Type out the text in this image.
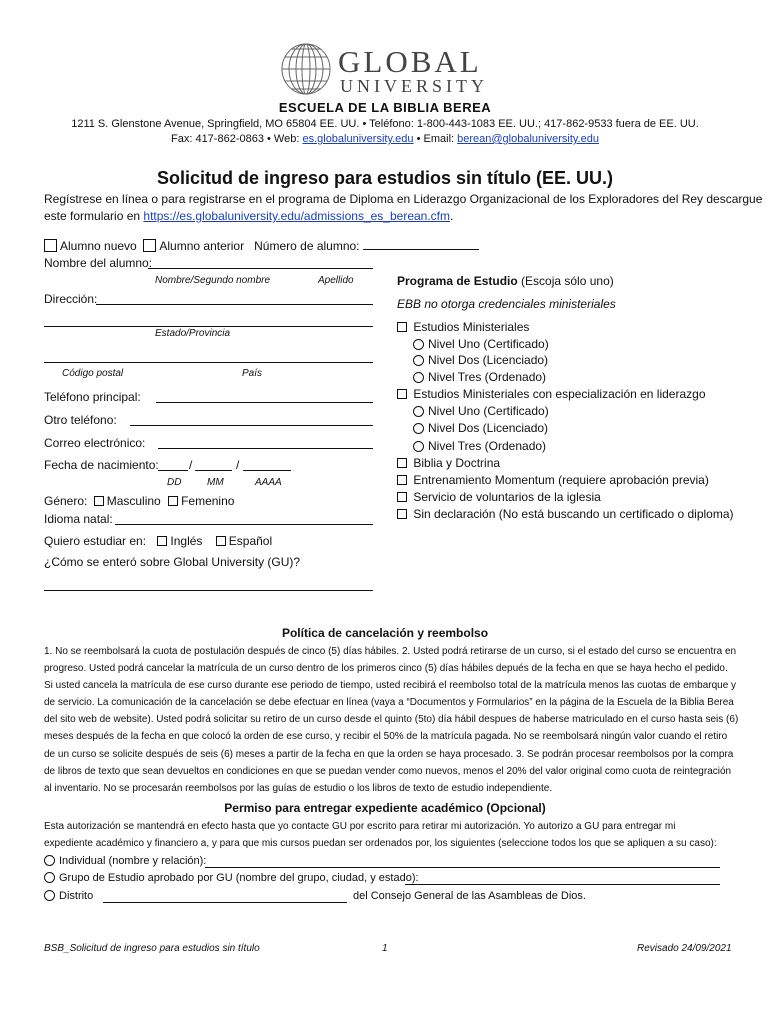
GLOBAL
UNIVERSITY
ESCUELA DE LA BIBLIA BEREA
1211 S. Glenstone Avenue, Springfield, MO 65804 EE. UU. • Teléfono: 1-800-443-1083 EE. UU.; 417-862-9533 fuera de EE. UU.
Fax: 417-862-0863 • Web: es.globaluniversity.edu • Email: berean@globaluniversity.edu
Solicitud de ingreso para estudios sin título (EE. UU.)
Regístrese en línea o para registrarse en el programa de Diploma en Liderazgo Organizacional de los Exploradores del Rey descargue
este formulario en https://es.globaluniversity.edu/admissions_es_berean.cfm.
Alumno nuevo Alumno anterior Número de alumno:
Nombre del alumno:
Nombre/Segundo nombre	Apellido
Dirección:
Estado/Provincia
Código postal	País
Teléfono principal:
Otro teléfono:
Correo electrónico:
Fecha de nacimiento:	/	/
DD	MM	AAAA
Género: Masculino Femenino
Idioma natal:
Quiero estudiar en: Inglés Español
¿Cómo se enteró sobre Global University (GU)?
Programa de Estudio (Escoja sólo uno)
EBB no otorga credenciales ministeriales
Estudios Ministeriales
Nivel Uno (Certificado)
Nivel Dos (Licenciado)
Nivel Tres (Ordenado)
Estudios Ministeriales con especialización en liderazgo
Nivel Uno (Certificado)
Nivel Dos (Licenciado)
Nivel Tres (Ordenado)
Biblia y Doctrina
Entrenamiento Momentum (requiere aprobación previa)
Servicio de voluntarios de la iglesia
Sin declaración (No está buscando un certificado o diploma)
Política de cancelación y reembolso
1. No se reembolsará la cuota de postulación después de cinco (5) días hábiles. 2. Usted podrá retirarse de un curso, si el estado del curso se encuentra en
progreso. Usted podrá cancelar la matrícula de un curso dentro de los primeros cinco (5) días hábiles depués de la fecha en que se haya hecho el pedido.
Si usted cancela la matrícula de ese curso durante ese periodo de tiempo, usted recibirá el reembolso total de la matrícula menos las cuotas de embarque y
de servicio. La comunicación de la cancelación se debe efectuar en línea (vaya a “Documentos y Formularios” en la página de la Escuela de la Biblia Berea
del sito web de website). Usted podrá solicitar su retiro de un curso desde el quinto (5to) día hábil despues de haberse matriculado en el curso hasta seis (6)
meses después de la fecha en que colocó la orden de ese curso, y recibir el 50% de la matrícula pagada. No se reembolsará ningún valor cuando el retiro
de un curso se solicite después de seis (6) meses a partir de la fecha en que la orden se haya procesado. 3. Se podrán procesar reembolsos por la compra
de libros de texto que sean devueltos en condiciones en que se puedan vender como nuevos, menos el 20% del valor original como cuota de reintegración
al inventario. No se procesarán reembolsos por las guías de estudio o los libros de texto de estudio independiente.
Permiso para entregar expediente académico (Opcional)
Esta autorización se mantendrá en efecto hasta que yo contacte GU por escrito para retirar mi autorización. Yo autorizo a GU para entregar mi
expediente académico y financiero a, y para que mis cursos puedan ser ordenados por, los siguientes (seleccione todos los que se apliquen a su caso):
Individual (nombre y relación):
Grupo de Estudio aprobado por GU (nombre del grupo, ciudad, y estado):
Distrito	del Consejo General de las Asambleas de Dios.
BSB_Solicitud de ingreso para estudios sin título	1	Revisado 24/09/2021
